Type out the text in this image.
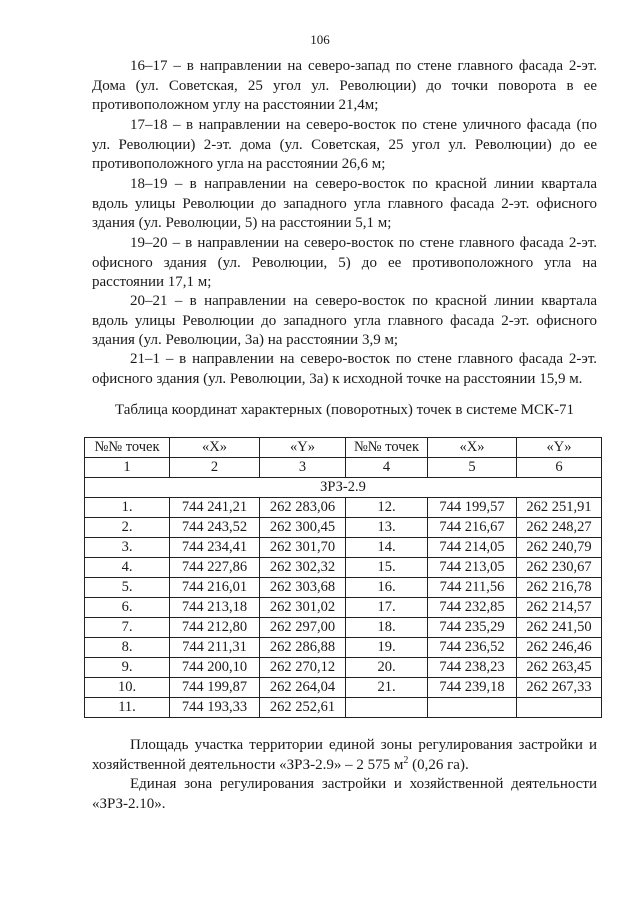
106

16–17 – в направлении на северо-запад по стене главного фасада 2-эт. Дома (ул. Советская, 25 угол ул. Революции) до точки поворота в ее противоположном углу на расстоянии 21,4м;

17–18 – в направлении на северо-восток по стене уличного фасада (по ул. Революции) 2-эт. дома (ул. Советская, 25 угол ул. Революции) до ее противоположного угла на расстоянии 26,6 м;

18–19 – в направлении на северо-восток по красной линии квартала вдоль улицы Революции до западного угла главного фасада 2-эт. офисного здания (ул. Революции, 5) на расстоянии 5,1 м;

19–20 – в направлении на северо-восток по стене главного фасада 2-эт. офисного здания (ул. Революции, 5) до ее противоположного угла на расстоянии 17,1 м;

20–21 – в направлении на северо-восток по красной линии квартала вдоль улицы Революции до западного угла главного фасада 2-эт. офисного здания (ул. Революции, 3а) на расстоянии 3,9 м;

21–1 – в направлении на северо-восток по стене главного фасада 2-эт. офисного здания (ул. Революции, 3а) к исходной точке на расстоянии 15,9 м.

Таблица координат характерных (поворотных) точек в системе МСК-71
№№ точек	«X»	«Y»	№№ точек	«X»	«Y»
1	2	3	4	5	6
ЗРЗ-2.9					
1.	744 241,21	262 283,06	12.	744 199,57	262 251,91
2.	744 243,52	262 300,45	13.	744 216,67	262 248,27
3.	744 234,41	262 301,70	14.	744 214,05	262 240,79
4.	744 227,86	262 302,32	15.	744 213,05	262 230,67
5.	744 216,01	262 303,68	16.	744 211,56	262 216,78
6.	744 213,18	262 301,02	17.	744 232,85	262 214,57
7.	744 212,80	262 297,00	18.	744 235,29	262 241,50
8.	744 211,31	262 286,88	19.	744 236,52	262 246,46
9.	744 200,10	262 270,12	20.	744 238,23	262 263,45
10.	744 199,87	262 264,04	21.	744 239,18	262 267,33
11.	744 193,33	262 252,61			

Площадь участка территории единой зоны регулирования застройки и хозяйственной деятельности «ЗРЗ-2.9» – 2 575 $м^2$ (0,26 га).

Единая зона регулирования застройки и хозяйственной деятельности «ЗРЗ-2.10».
